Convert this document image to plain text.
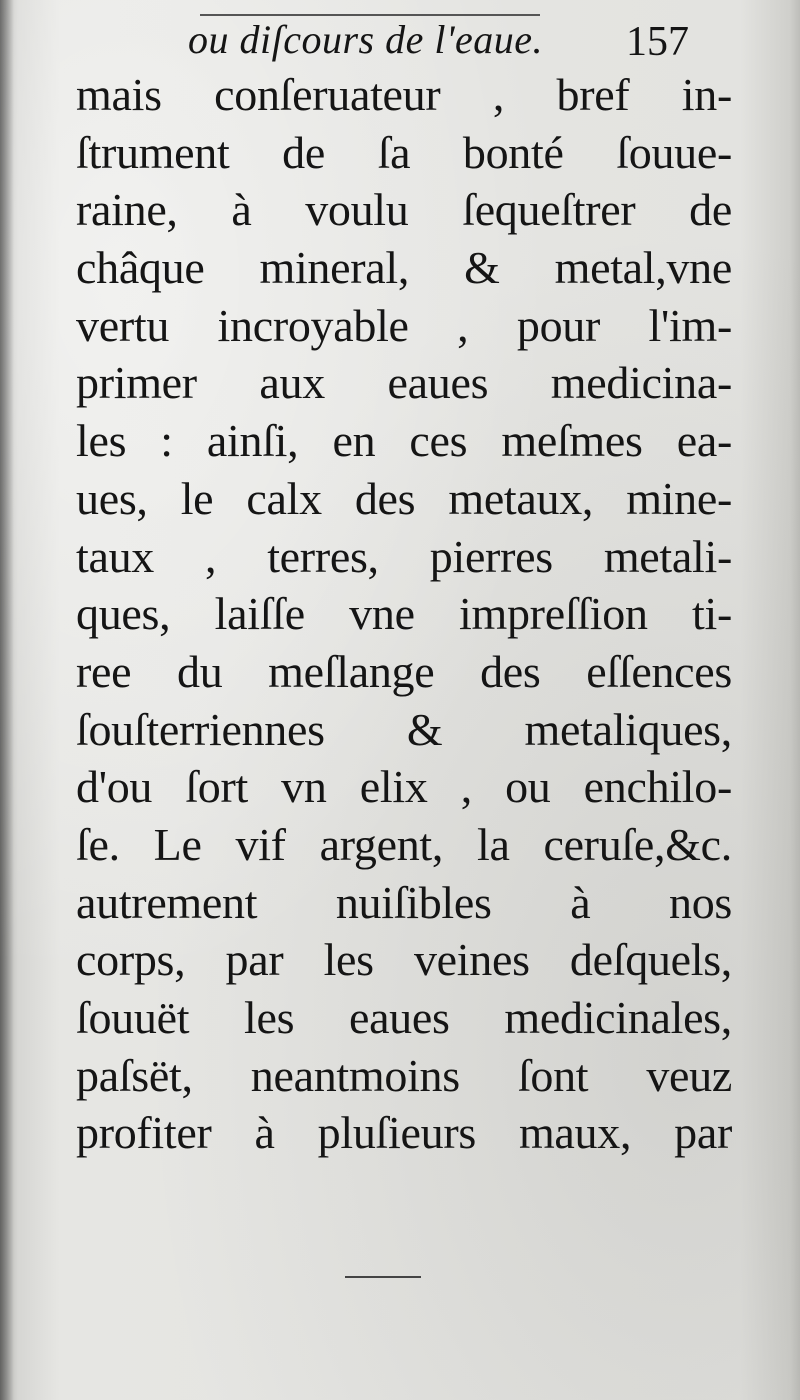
ou diſcours de l'eaue. 157
mais conſeruateur , bref in-
ſtrument de ſa bonté ſouue-
raine, à voulu ſequeſtrer de
châque mineral, & metal,vne
vertu incroyable , pour l'im-
primer aux eaues medicina-
les : ainſi, en ces meſmes ea-
ues, le calx des metaux, mine-
taux , terres, pierres metali-
ques, laiſſe vne impreſſion ti-
ree du meſlange des eſſences
ſouſterriennes & metaliques,
d'ou ſort vn elix , ou enchilo-
ſe. Le vif argent, la ceruſe,&c.
autrement nuiſibles à nos
corps, par les veines deſquels,
ſouuët les eaues medicinales,
paſsët, neantmoins ſont veuz
profiter à pluſieurs maux, par
